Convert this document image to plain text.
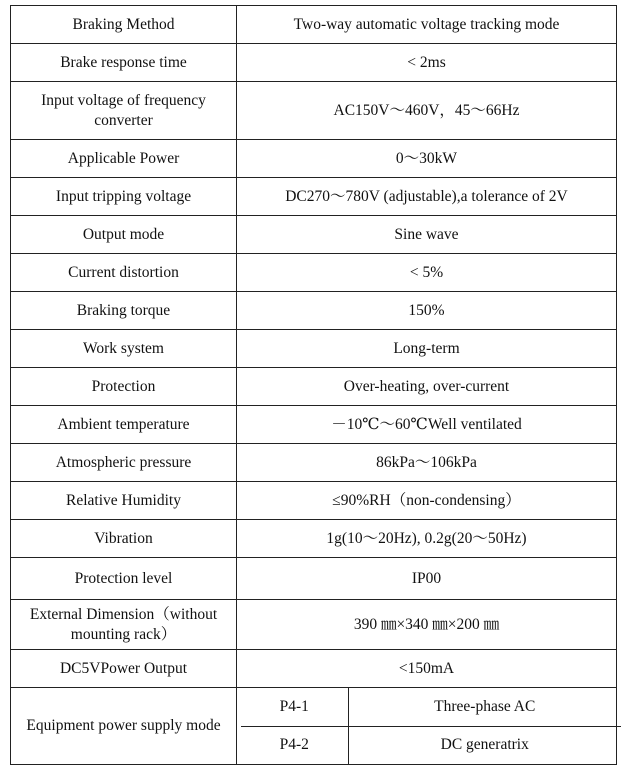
Braking Method	Two-way automatic voltage tracking mode
Brake response time	< 2ms
Input voltage of frequency converter	AC150V～460V，45～66Hz
Applicable Power	0～30kW
Input tripping voltage	DC270～780V (adjustable),a tolerance of 2V
Output mode	Sine wave
Current distortion	< 5%
Braking torque	150%
Work system	Long-term
Protection	Over-heating, over-current
Ambient temperature	－10℃～60℃Well ventilated
Atmospheric pressure	86kPa～106kPa
Relative Humidity	≤90%RH（non-condensing）
Vibration	1g(10～20Hz), 0.2g(20～50Hz)
Protection level	IP00
External Dimension（without mounting rack）	390 ㎜×340 ㎜×200 ㎜
DC5VPower Output	<150mA
Equipment power supply mode	
P4-1	Three-phase AC
P4-2	DC generatrix
